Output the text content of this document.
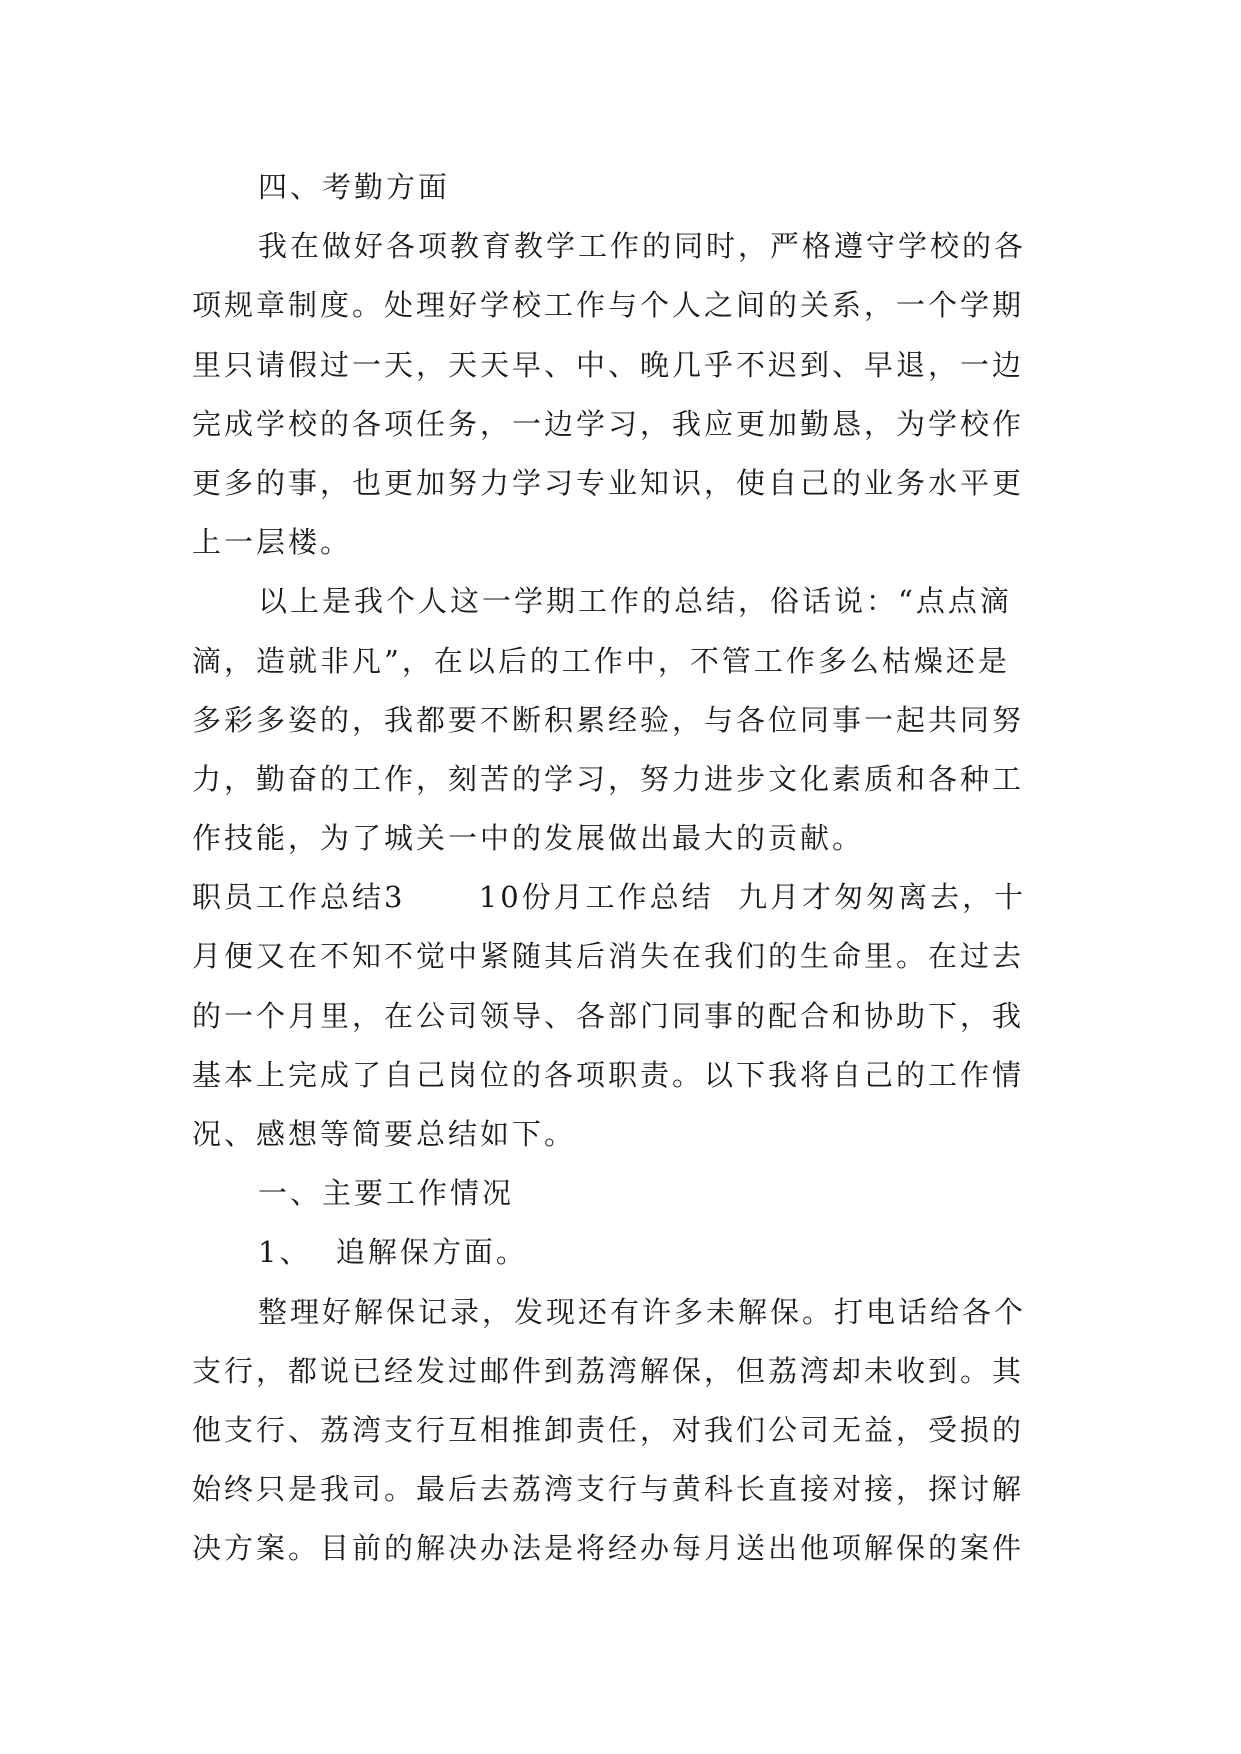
四、考勤方面
我在做好各项教育教学工作的同时，严格遵守学校的各
项规章制度。处理好学校工作与个人之间的关系，一个学期
里只请假过一天，天天早、中、晚几乎不迟到、早退，一边
完成学校的各项任务，一边学习，我应更加勤恳，为学校作
更多的事，也更加努力学习专业知识，使自己的业务水平更
上一层楼。
以上是我个人这一学期工作的总结，俗话说：“点点滴
滴，造就非凡”，在以后的工作中，不管工作多么枯燥还是
多彩多姿的，我都要不断积累经验，与各位同事一起共同努
力，勤奋的工作，刻苦的学习，努力进步文化素质和各种工
作技能，为了城关一中的发展做出最大的贡献。
职员工作总结3      10份月工作总结  九月才匆匆离去，十
月便又在不知不觉中紧随其后消失在我们的生命里。在过去
的一个月里，在公司领导、各部门同事的配合和协助下，我
基本上完成了自己岗位的各项职责。以下我将自己的工作情
况、感想等简要总结如下。
一、主要工作情况
1、  追解保方面。
整理好解保记录，发现还有许多未解保。打电话给各个
支行，都说已经发过邮件到荔湾解保，但荔湾却未收到。其
他支行、荔湾支行互相推卸责任，对我们公司无益，受损的
始终只是我司。最后去荔湾支行与黄科长直接对接，探讨解
决方案。目前的解决办法是将经办每月送出他项解保的案件
